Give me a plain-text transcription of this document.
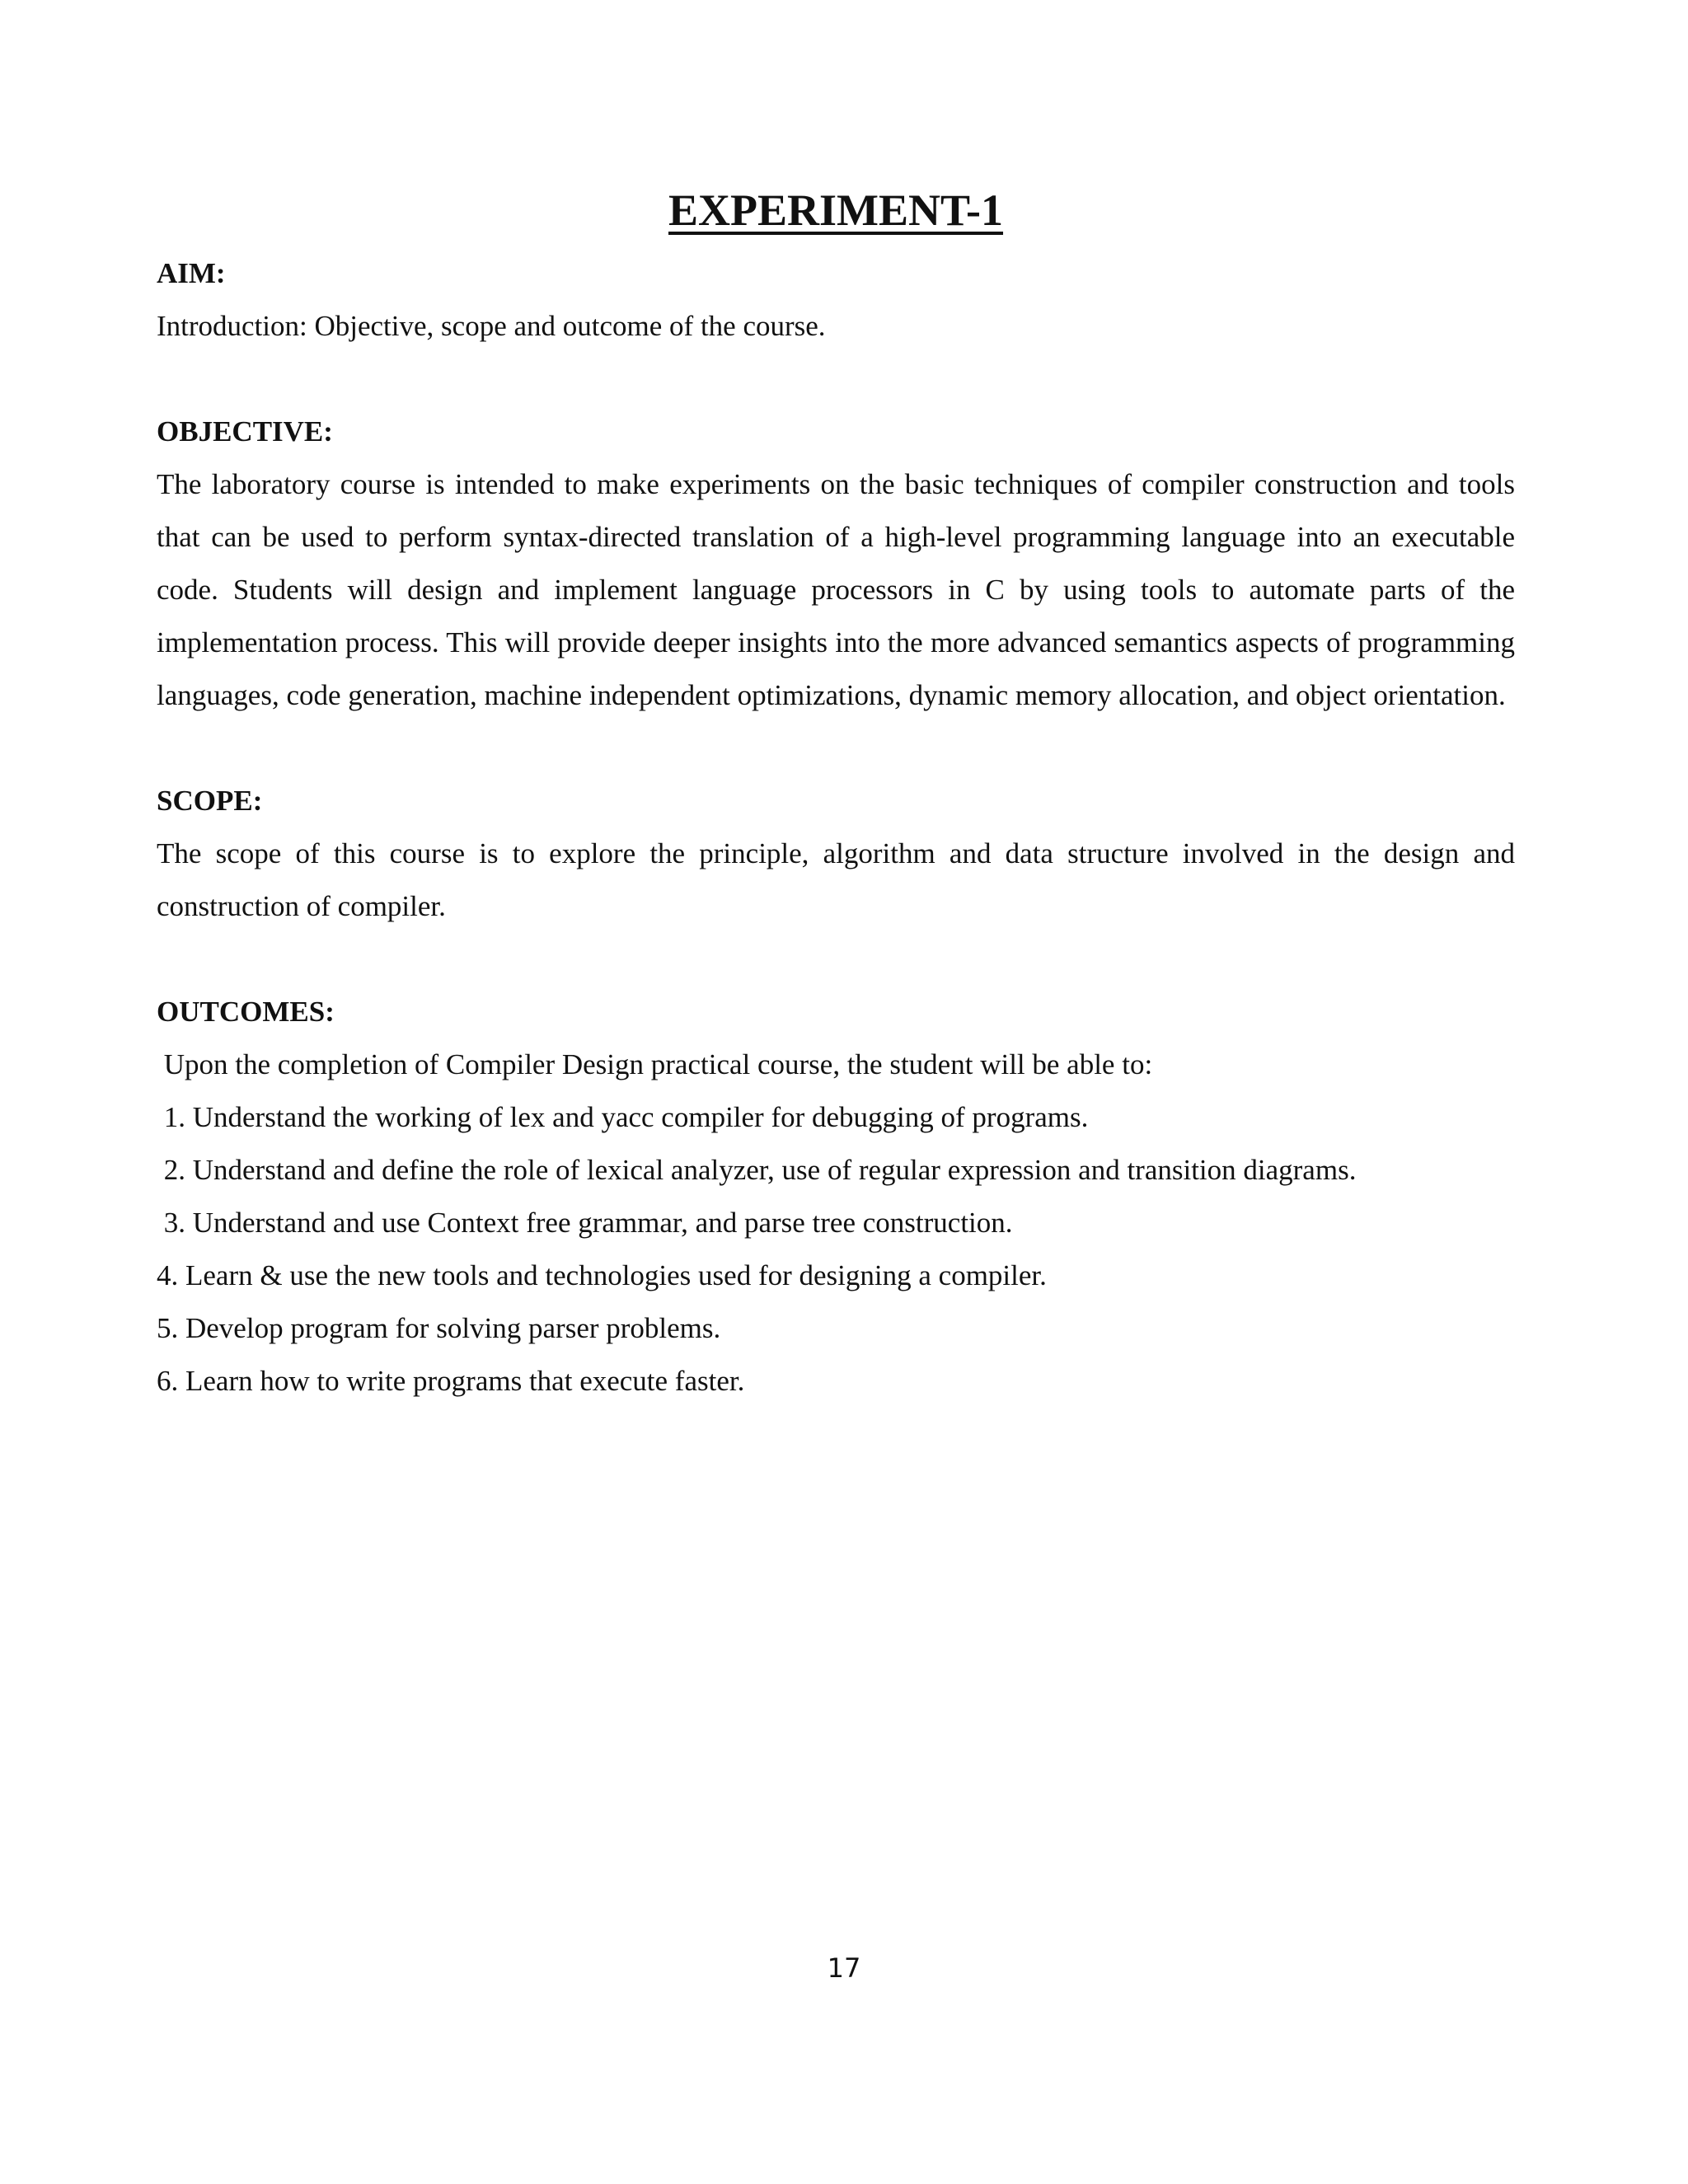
EXPERIMENT-1

AIM:

Introduction: Objective, scope and outcome of the course.

OBJECTIVE:

The laboratory course is intended to make experiments on the basic techniques of compiler construction and tools that can be used to perform syntax-directed translation of a high-level programming language into an executable code. Students will design and implement language processors in C by using tools to automate parts of the implementation process. This will provide deeper insights into the more advanced semantics aspects of programming languages, code generation, machine independent optimizations, dynamic memory allocation, and object orientation.

SCOPE:

The scope of this course is to explore the principle, algorithm and data structure involved in the design and construction of compiler.

OUTCOMES:

Upon the completion of Compiler Design practical course, the student will be able to:

1. Understand the working of lex and yacc compiler for debugging of programs.
2. Understand and define the role of lexical analyzer, use of regular expression and transition diagrams.
3. Understand and use Context free grammar, and parse tree construction.
4. Learn & use the new tools and technologies used for designing a compiler.
5. Develop program for solving parser problems.
6. Learn how to write programs that execute faster.
17
